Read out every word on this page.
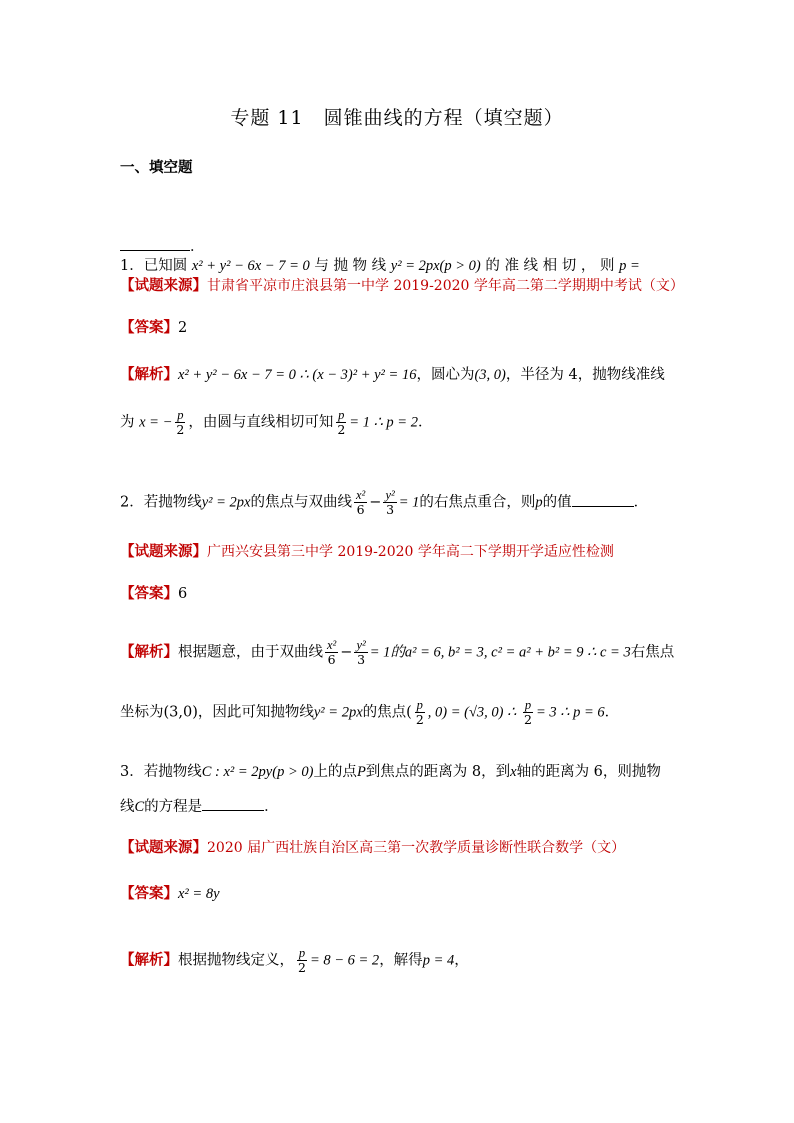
专题 11　圆锥曲线的方程（填空题）
一、填空题
1．已知圆 x² + y² − 6x − 7 = 0 与 抛 物 线 y² = 2px(p > 0) 的 准 线 相 切 ， 则 p =
．
【试题来源】甘肃省平凉市庄浪县第一中学 2019-2020 学年高二第二学期期中考试（文）
【答案】2
【解析】x² + y² − 6x − 7 = 0 ∴ (x − 3)² + y² = 16，圆心为(3, 0)，半径为 4，抛物线准线
为 x = − $\frac{p}{2}$ ，由圆与直线相切可知 $\frac{p}{2} = 1$ ∴ p = 2．
2．若抛物线y² = 2px的焦点与双曲线 $\frac{\text{x²}}{6} - \frac{\text{y²}}{3} = 1$的右焦点重合，则p的值	．
【试题来源】广西兴安县第三中学 2019-2020 学年高二下学期开学适应性检测
【答案】6
【解析】根据题意，由于双曲线 $\frac{\text{x²}}{6} - \frac{\text{y²}}{3} = 1$的a² = 6, b² = 3, c² = a² + b² = 9 ∴ c = 3右焦点
坐标为(3,0)，因此可知抛物线y² = 2px的焦点( $\frac{p}{2}$ , 0) = (√3, 0) ∴ $\frac{p}{2} = 3$ ∴ p = 6．
3．若抛物线C : x² = 2py(p > 0)上的点P到焦点的距离为 8，到x轴的距离为 6，则抛物
线C的方程是	．
【试题来源】2020 届广西壮族自治区高三第一次教学质量诊断性联合数学（文）
【答案】x² = 8y
【解析】根据抛物线定义， $\frac{p}{2} = 8 - 6 = 2$，解得p = 4，
